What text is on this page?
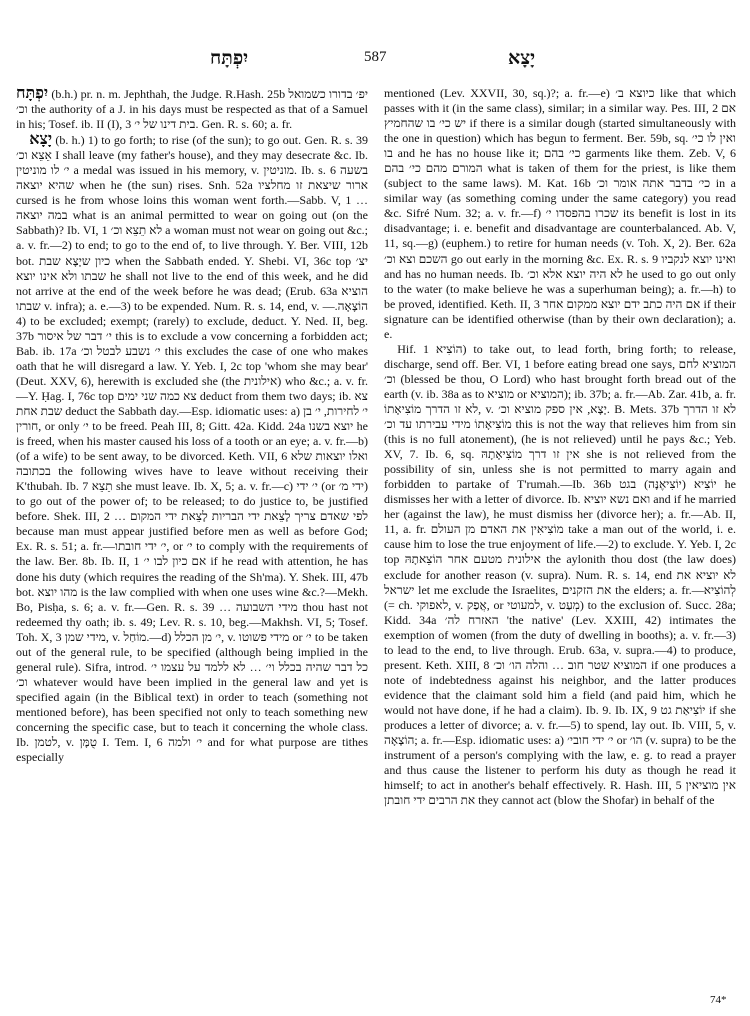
יִפְתָּח	587	יָצָא

יִפְתָּח (b.h.) pr. n. m. Jephthah, the Judge. R.Hash. 25b יפ׳ בדורו כשמואל וכ׳ the authority of a J. in his days must be respected as that of a Samuel in his; Tosef. ib. II (I), 3 בית דינו של י׳. Gen. R. s. 60; a. fr.

יָצָא (b. h.) 1) to go forth; to rise (of the sun); to go out. Gen. R. s. 39 אֵצֵא וכ׳ I shall leave (my father's house), and they may desecrate &c. Ib. י׳ לו מוניטין a medal was issued in his memory, v. מוניטין. Ib. s. 6 בשעה שהיא יוצאה when he (the sun) rises. Snh. 52a ארור שיצאת זו מחלציו cursed is he from whose loins this woman went forth.—Sabb. V, 1 … במה יוצאה what is an animal permitted to wear on going out (on the Sabbath)? Ib. VI, 1 לא תֵצֵא וכ׳ a woman must not wear on going out &c.; a. v. fr.—2) to end; to go to the end of, to live through. Y. Ber. VIII, 12b bot. כיון שיָצָא שבת when the Sabbath ended. Y. Shebi. VI, 36c top יצ׳ שבתו ולא אינו יוצא he shall not live to the end of this week, and he did not arrive at the end of the week before he was dead; (Erub. 63a הוציא שבתו v. infra); a. e.—3) to be expended. Num. R. s. 14, end, v. הוֹצָאָה.—4) to be excluded; exempt; (rarely) to exclude, deduct. Y. Ned. II, beg. 37b י׳ דבר של איסור this is to exclude a vow concerning a forbidden act; Bab. ib. 17a י׳ נשבע לבטל וכ׳ this excludes the case of one who makes oath that he will disregard a law. Y. Yeb. I, 2c top 'whom she may bear' (Deut. XXV, 6), herewith is excluded she (the אילונית) who &c.; a. v. fr.—Y. Ḥag. I, 76c top צא כמה שני ימים deduct from them two days; ib. צא שבת אחת deduct the Sabbath day.—Esp. idiomatic uses: a) י׳ לחירות, י׳ בן חורין, or only י׳ to be freed. Peah III, 8; Gitt. 42a. Kidd. 24a יוצא בשנו he is freed, when his master caused his loss of a tooth or an eye; a. v. fr.—b) (of a wife) to be sent away, to be divorced. Keth. VII, 6 ואלו יוצאות שלא בכתובה the following wives have to leave without receiving their K'thubah. Ib. 7 תֵצֵא she must leave. Ib. X, 5; a. v. fr.—c) י׳ ידי (or ידי מ׳) to go out of the power of; to be released; to do justice to, be justified before. Shek. III, 2 … לפי שאדם צריך לָצֵאת ידי הבריות לָצֵאת ידי המקום because man must appear justified before men as well as before God; Ex. R. s. 51; a. fr.—י׳ ידי חובתו, or י׳ to comply with the requirements of the law. Ber. 8b. Ib. II, 1 אם כיון לבו י׳ if he read with attention, he has done his duty (which requires the reading of the Sh'ma). Y. Shek. III, 47b bot. מהו יוצא is the law complied with when one uses wine &c.?—Mekh. Bo, Pisḥa, s. 6; a. v. fr.—Gen. R. s. 39 … מידי השבועה thou hast not redeemed thy oath; ib. s. 49; Lev. R. s. 10, beg.—Makhsh. VI, 5; Tosef. Toh. X, 3 מידי שמן, v. מוֹחַל.—d) י׳ מן הכלל, v. מידי פשוטו or י׳ to be taken out of the general rule, to be specified (although being implied in the general rule). Sifra, introd. כל דבר שהיה בכלל וי׳ … לא ללמד על עצמו י׳ וכ׳ whatever would have been implied in the general law and yet is specified again (in the Biblical text) in order to teach (something not mentioned before), has been specified not only to teach something new concerning the specific case, but to teach it concerning the whole class. Ib. לטמן, v. טֻמָּן I. Tem. I, 6 י׳ ולמה and for what purpose are tithes especially

mentioned (Lev. XXVII, 30, sq.)?; a. fr.—e) כיוצא ב׳ like that which passes with it (in the same class), similar; in a similar way. Pes. III, 2 אם יש כי׳ בו שהחמיץ if there is a similar dough (started simultaneously with the one in question) which has begun to ferment. Ber. 59b, sq. ואין לו כי׳ בו and he has no house like it; כי׳ בהם garments like them. Zeb. V, 6 המורם מהם כי׳ בהם what is taken of them for the priest, is like them (subject to the same laws). M. Kat. 16b כי׳ בדבר אתה אומר וכ׳ in a similar way (as something coming under the same category) you read &c. Sifré Num. 32; a. v. fr.—f) שכרו בהפסדו י׳ its benefit is lost in its disadvantage; i. e. benefit and disadvantage are counterbalanced. Ab. V, 11, sq.—g) (euphem.) to retire for human needs (v. Toh. X, 2). Ber. 62a השכם וצא וכ׳ go out early in the morning &c. Ex. R. s. 9 ואינו יוצא לנקביו and has no human needs. Ib. לא היה יוצא אלא וכ׳ he used to go out only to the water (to make believe he was a superhuman being); a. fr.—h) to be proved, identified. Keth. II, 3 אם היה כתב ידם יוצא ממקום אחר if their signature can be identified otherwise (than by their own declaration); a. e.

Hif. הוֹצִיא 1) to take out, to lead forth, bring forth; to release, discharge, send off. Ber. VI, 1 before eating bread one says, המוציא לחם וכ׳ (blessed be thou, O Lord) who hast brought forth bread out of the earth (v. ib. 38a as to מוציא or המוציא); ib. 37b; a. fr.—Ab. Zar. 41b, a. fr. לא זו הדרך מוֹצִיאָתוֹ, v. יָצָא, אין ספק מוציא וכ׳. B. Mets. 37b לא זו הדרך מוֹצִיאָתוֹ מידי עבירתו עד וכ׳ this is not the way that relieves him from sin (this is no full atonement), (he is not relieved) until he pays &c.; Yeb. XV, 7. Ib. 6, sq. אין זו דרך מוֹצִיאָתָהּ she is not relieved from the possibility of sin, unless she is not permitted to marry again and forbidden to partake of T'rumah.—Ib. 36b יוֹצִיא (יוֹצִיאֶנָּה) בגט he dismisses her with a letter of divorce. Ib. ואם נשא יוציא and if he married her (against the law), he must dismiss her (divorce her); a. fr.—Ab. II, 11, a. fr. מוֹצִיאִין את האדם מן העולם take a man out of the world, i. e. cause him to lose the true enjoyment of life.—2) to exclude. Y. Yeb. I, 2c top אילונית מטעם אחר הוֹצֵאתָהּ the aylonith thou dost (the law does) exclude for another reason (v. supra). Num. R. s. 14, end לא יוציא את ישראל let me exclude the Israelites, את הזקנים the elders; a. fr.—לְהוֹצִיא (= ch. לאפוקי, v. אֲפַק, or למעוטי, v. מְעַט) to the exclusion of. Succ. 28a; Kidd. 34a האזרח לה׳ 'the native' (Lev. XXIII, 42) intimates the exemption of women (from the duty of dwelling in booths); a. v. fr.—3) to lead to the end, to live through. Erub. 63a, v. supra.—4) to produce, present. Keth. XIII, 8 המוציא שטר חוב … והלה הו׳ וכ׳ if one produces a note of indebtedness against his neighbor, and the latter produces evidence that the claimant sold him a field (and paid him, which he would not have done, if he had a claim). Ib. 9. Ib. IX, 9 יוֹצִיאַת גט if she produces a letter of divorce; a. v. fr.—5) to spend, lay out. Ib. VIII, 5, v. הוֹצָאָה; a. fr.—Esp. idiomatic uses: a) י׳ ידי חובי׳ or הו׳ (v. supra) to be the instrument of a person's complying with the law, e. g. to read a prayer and thus cause the listener to perform his duty as though he read it himself; to act in another's behalf effectively. R. Hash. III, 5 אין מוציאין את הרבים ידי חובתן they cannot act (blow the Shofar) in behalf of the

74*
